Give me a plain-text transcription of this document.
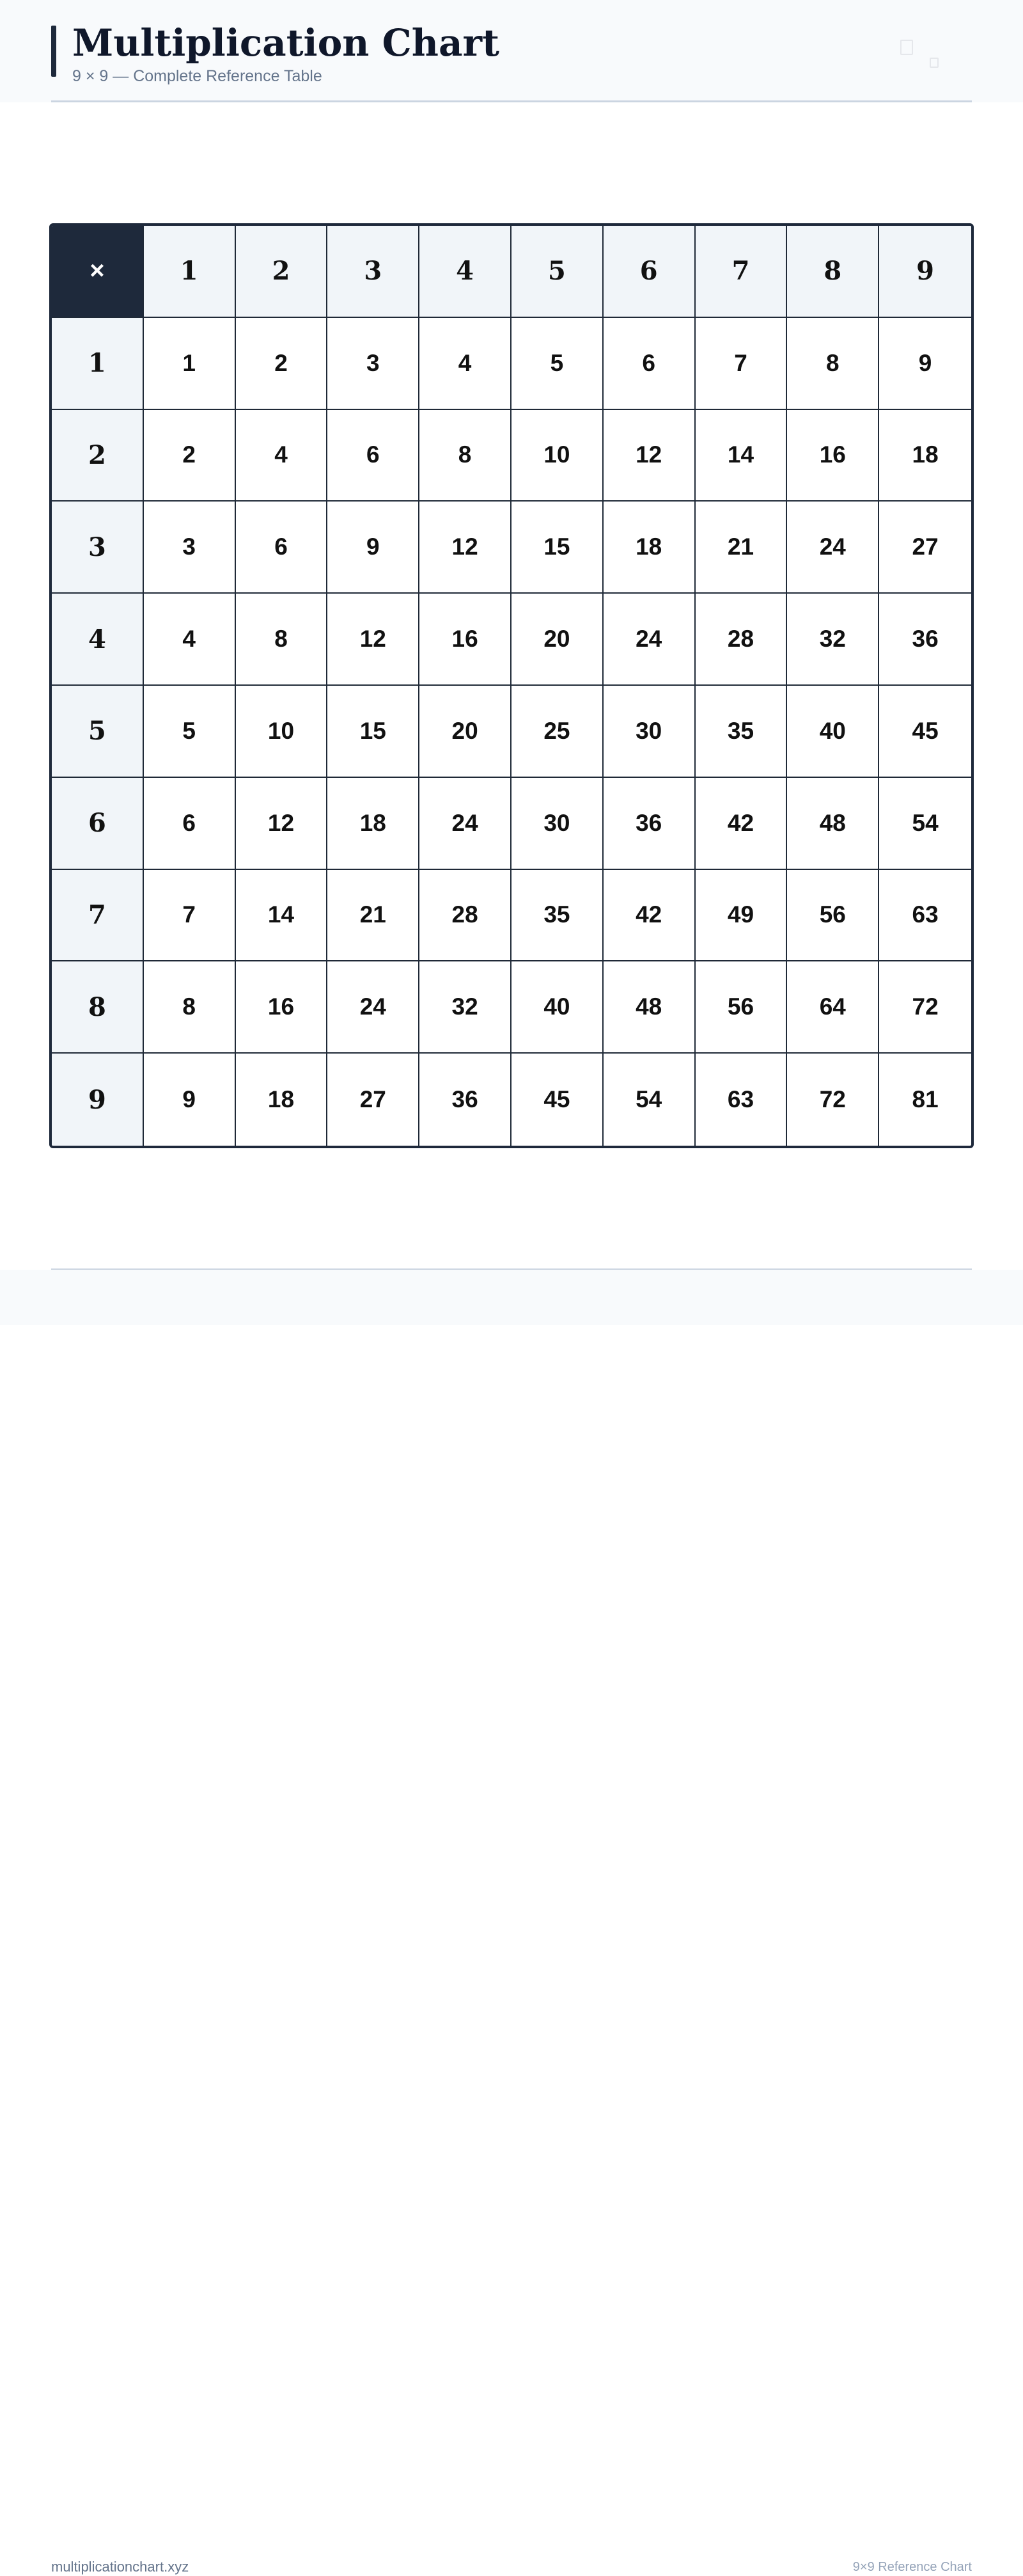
Multiplication Chart
9 × 9 — Complete Reference Table
×	1	2	3	4	5	6	7	8	9
1	1	2	3	4	5	6	7	8	9
2	2	4	6	8	10	12	14	16	18
3	3	6	9	12	15	18	21	24	27
4	4	8	12	16	20	24	28	32	36
5	5	10	15	20	25	30	35	40	45
6	6	12	18	24	30	36	42	48	54
7	7	14	21	28	35	42	49	56	63
8	8	16	24	32	40	48	56	64	72
9	9	18	27	36	45	54	63	72	81
multiplicationchart.xyz	9×9 Reference Chart
